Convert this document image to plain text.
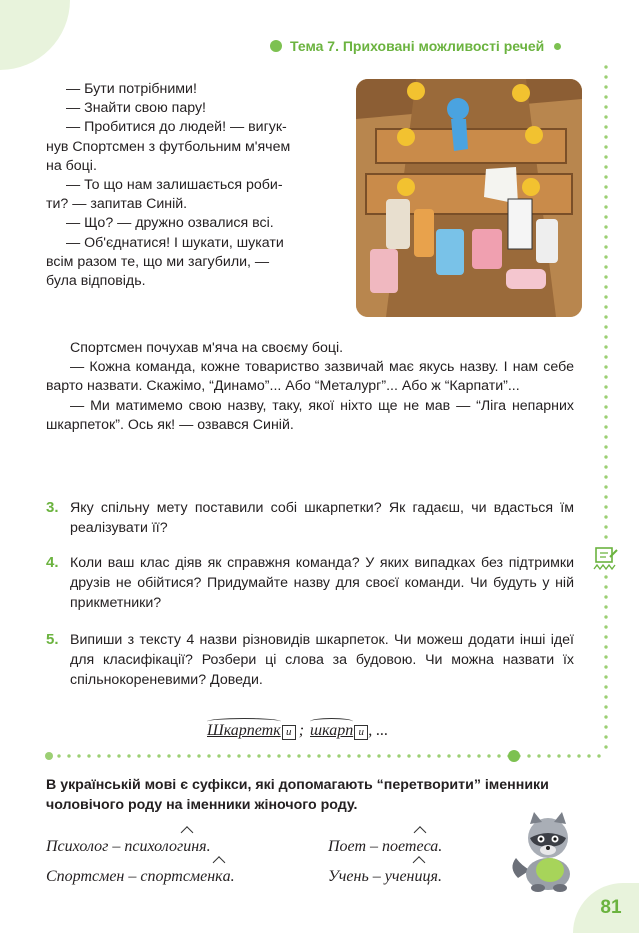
Тема 7. Приховані можливості речей

— Бути потрібними!

— Знайти свою пару!

— Пробитися до людей! — вигук-

нув Спортсмен з футбольним м'ячем

на боці.

— То що нам залишається роби-

ти? — запитав Синій.

— Що? — дружно озвалися всі.

— Об'єднатися! І шукати, шукати

всім разом те, що ми загубили, —

була відповідь.

Спортсмен почухав м'яча на своєму боці.

— Кожна команда, кожне товариство зазвичай має якусь назву. І нам себе варто назвати. Скажімо, “Динамо”... Або “Металург”... Або ж “Карпати”...

— Ми матимемо свою назву, таку, якої ніхто ще не мав — “Ліга непарних шкарпеток”. Ось як! — озвався Синій.

3. Яку спільну мету поставили собі шкарпетки? Як гадаєш, чи вдасться їм реалізувати її?
4. Коли ваш клас діяв як справжня команда? У яких випадках без підтримки друзів не обійтися? Придумайте назву для своєї команди. Чи будуть у ній прикметники?
5. Випиши з тексту 4 назви різновидів шкарпеток. Чи можеш додати інші ідеї для класифікації? Розбери ці слова за будовою. Чи можна назвати їх спільнокореневими? Доведи.
Шкарпетк и ; шкарп и , ...
В українській мові є суфікси, які допомагають “перетворити” іменники чоловічого роду на іменники жіночого роду.
Психолог – психологиня.	Поет – поетеса.
Спортсмен – спортсменка.	Учень – учениця.
81
